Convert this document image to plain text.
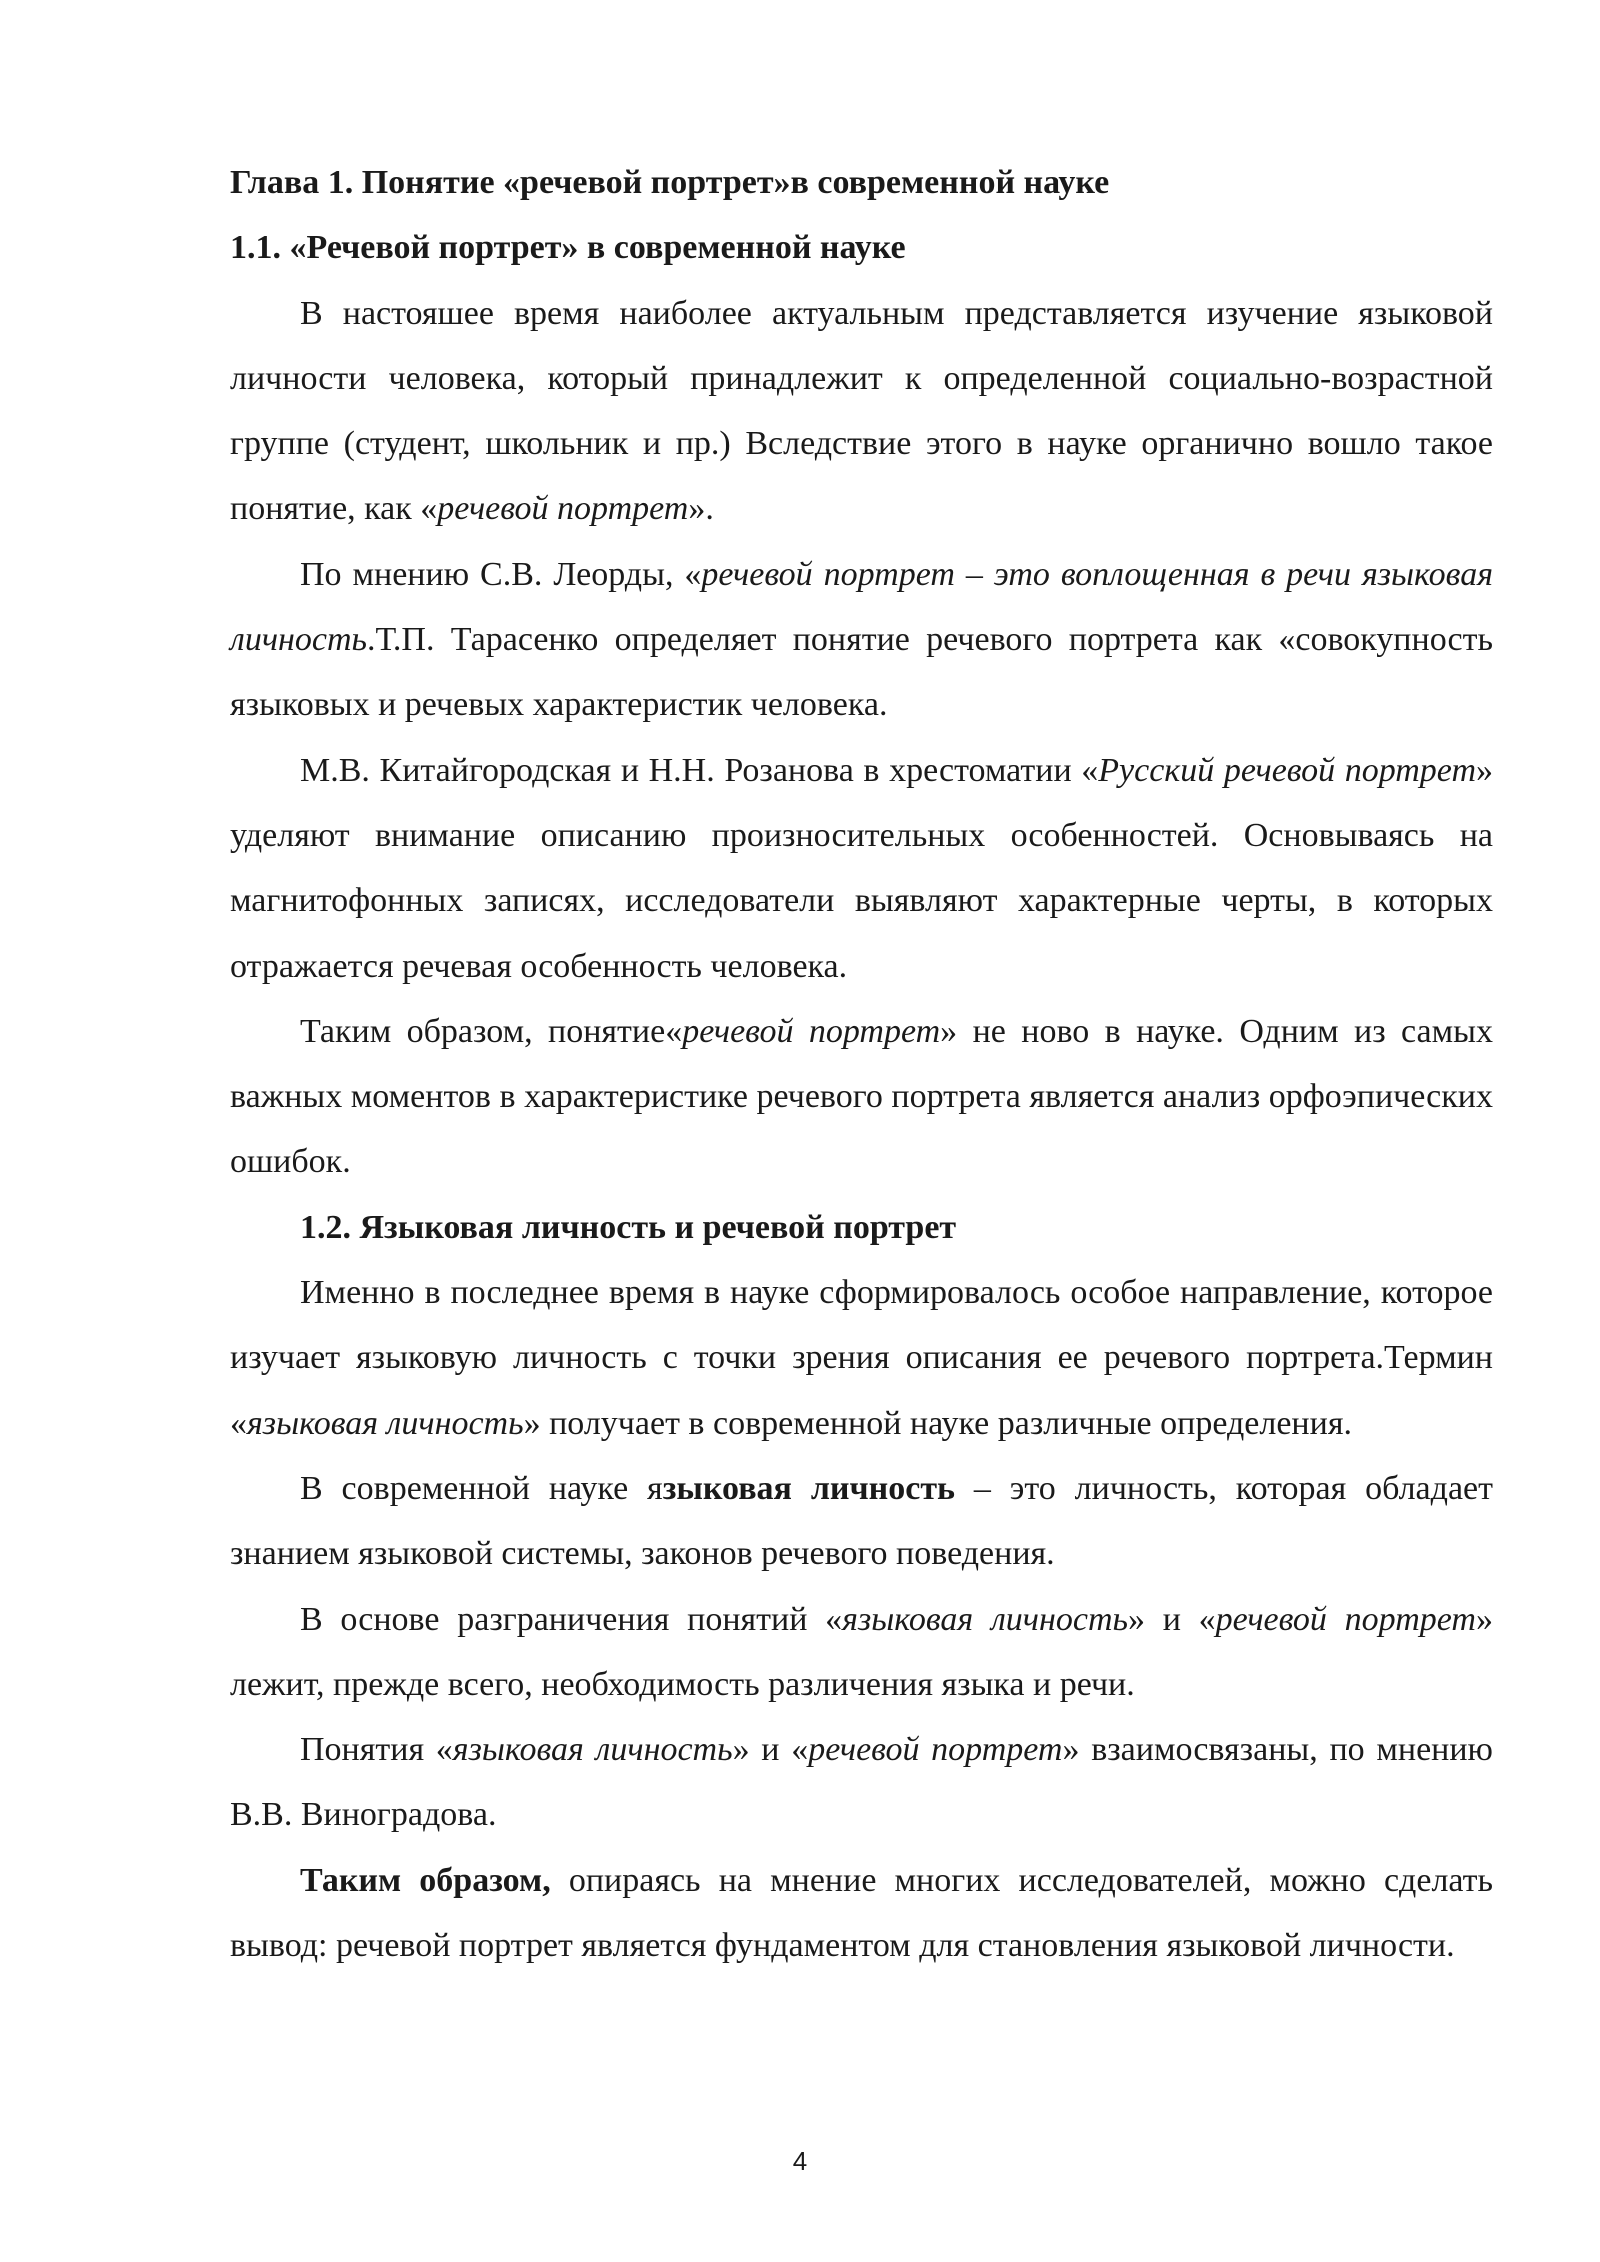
Глава 1. Понятие «речевой портрет»в современной науке

1.1. «Речевой портрет» в современной науке

В настояшее время наиболее актуальным представляется изучение языковой личности человека, который принадлежит к определенной социально-возрастной группе (студент, школьник и пр.) Вследствие этого в науке органично вошло такое понятие, как «речевой портрет».

По мнению С.В. Леорды, «речевой портрет – это воплощенная в речи языковая личность.Т.П. Тарасенко определяет понятие речевого портрета как «совокупность языковых и речевых характеристик человека.

М.В. Китайгородская и Н.Н. Розанова в хрестоматии «Русский речевой портрет» уделяют внимание описанию произносительных особенностей. Основываясь на магнитофонных записях, исследователи выявляют характерные черты, в которых отражается речевая особенность человека.

Таким образом, понятие«речевой портрет» не ново в науке. Одним из самых важных моментов в характеристике речевого портрета является анализ орфоэпических ошибок.

1.2. Языковая личность и речевой портрет

Именно в последнее время в науке сформировалось особое направление, которое изучает языковую личность с точки зрения описания ее речевого портрета.Термин «языковая личность» получает в современной науке различные определения.

В современной науке языковая личность – это личность, которая обладает знанием языковой системы, законов речевого поведения.

В основе разграничения понятий «языковая личность» и «речевой портрет» лежит, прежде всего, необходимость различения языка и речи.

Понятия «языковая личность» и «речевой портрет» взаимосвязаны, по мнению В.В. Виноградова.

Таким образом, опираясь на мнение многих исследователей, можно сделать вывод: речевой портрет является фундаментом для становления языковой личности.

4
